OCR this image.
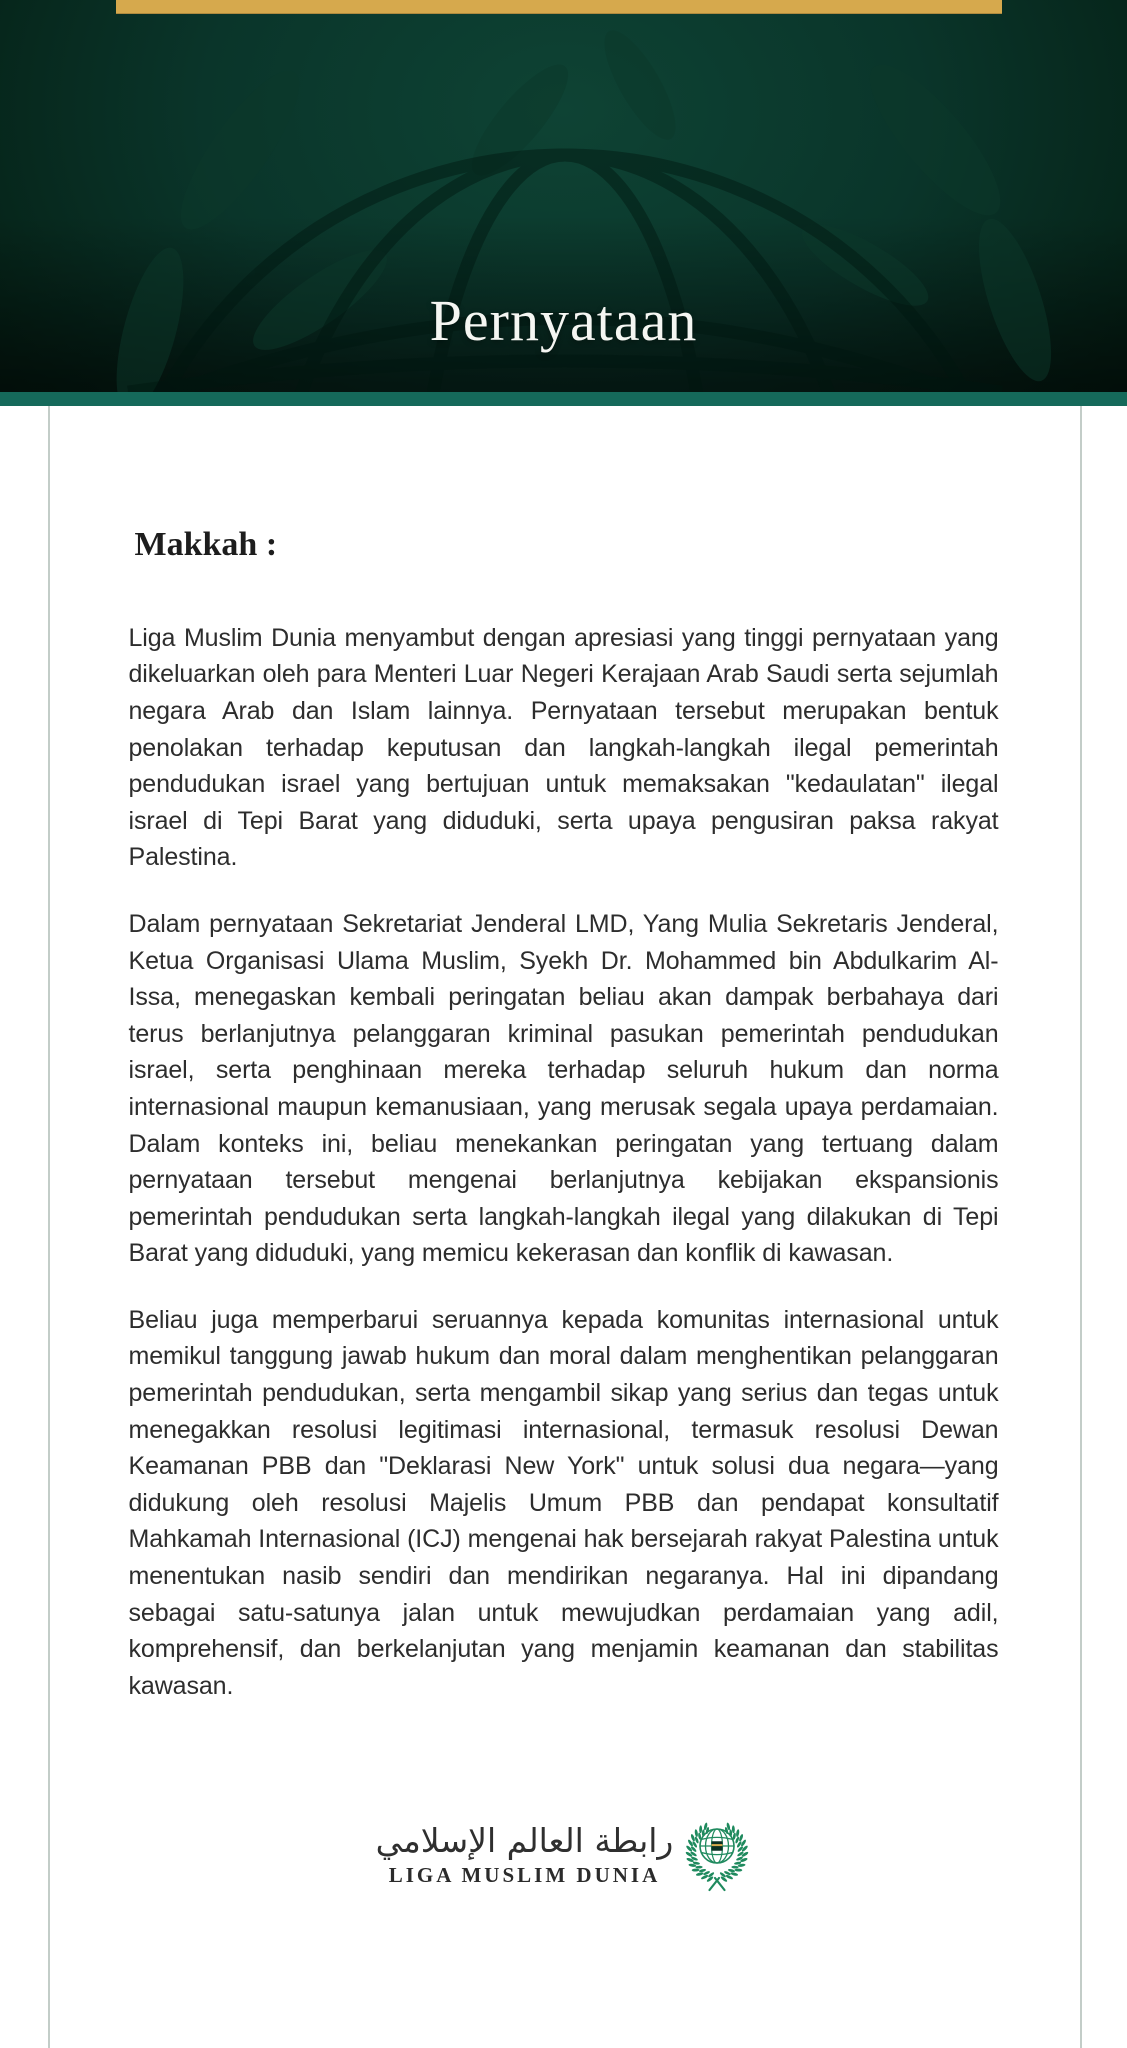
Pernyataan
Makkah :

Liga Muslim Dunia menyambut dengan apresiasi yang tinggi pernyataan yang dikeluarkan oleh para Menteri Luar Negeri Kerajaan Arab Saudi serta sejumlah negara Arab dan Islam lainnya. Pernyataan tersebut merupakan bentuk penolakan terhadap keputusan dan langkah-langkah ilegal pemerintah pendudukan israel yang bertujuan untuk memaksakan "kedaulatan" ilegal israel di Tepi Barat yang diduduki, serta upaya pengusiran paksa rakyat Palestina.

Dalam pernyataan Sekretariat Jenderal LMD, Yang Mulia Sekretaris Jenderal, Ketua Organisasi Ulama Muslim, Syekh Dr. Mohammed bin Abdulkarim Al-Issa, menegaskan kembali peringatan beliau akan dampak berbahaya dari terus berlanjutnya pelanggaran kriminal pasukan pemerintah pendudukan israel, serta penghinaan mereka terhadap seluruh hukum dan norma internasional maupun kemanusiaan, yang merusak segala upaya perdamaian. Dalam konteks ini, beliau menekankan peringatan yang tertuang dalam pernyataan tersebut mengenai berlanjutnya kebijakan ekspansionis pemerintah pendudukan serta langkah-langkah ilegal yang dilakukan di Tepi Barat yang diduduki, yang memicu kekerasan dan konflik di kawasan.

Beliau juga memperbarui seruannya kepada komunitas internasional untuk memikul tanggung jawab hukum dan moral dalam menghentikan pelanggaran pemerintah pendudukan, serta mengambil sikap yang serius dan tegas untuk menegakkan resolusi legitimasi internasional, termasuk resolusi Dewan Keamanan PBB dan "Deklarasi New York" untuk solusi dua negara—yang didukung oleh resolusi Majelis Umum PBB dan pendapat konsultatif Mahkamah Internasional (ICJ) mengenai hak bersejarah rakyat Palestina untuk menentukan nasib sendiri dan mendirikan negaranya. Hal ini dipandang sebagai satu-satunya jalan untuk mewujudkan perdamaian yang adil, komprehensif, dan berkelanjutan yang menjamin keamanan dan stabilitas kawasan.

رابطة العالم الإسلامي
LIGA MUSLIM DUNIA
